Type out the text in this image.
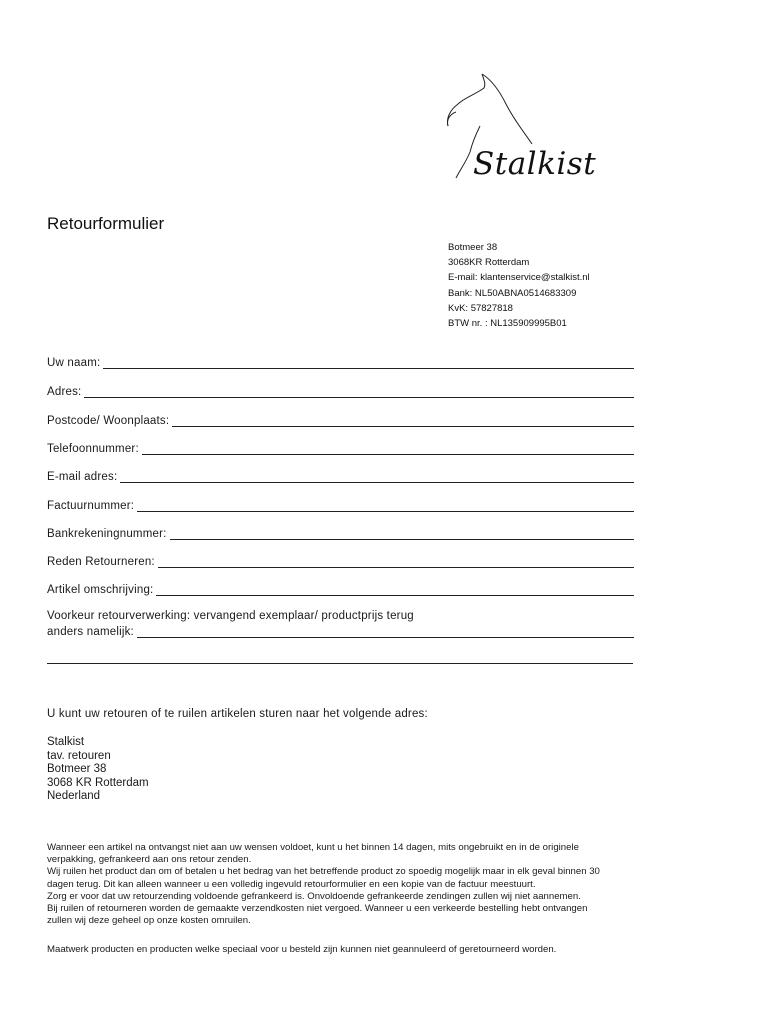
Stalkist
Retourformulier
Botmeer 38
3068KR Rotterdam
E-mail: klantenservice@stalkist.nl
Bank: NL50ABNA0514683309
KvK: 57827818
BTW nr. : NL135909995B01
Uw naam:
Adres:
Postcode/ Woonplaats:
Telefoonnummer:
E-mail adres:
Factuurnummer:
Bankrekeningnummer:
Reden Retourneren:
Artikel omschrijving:
Voorkeur retourverwerking: vervangend exemplaar/ productprijs terug
anders namelijk:
U kunt uw retouren of te ruilen artikelen sturen naar het volgende adres:
Stalkist
tav. retouren
Botmeer 38
3068 KR Rotterdam
Nederland
Wanneer een artikel na ontvangst niet aan uw wensen voldoet, kunt u het binnen 14 dagen, mits ongebruikt en in de originele
verpakking, gefrankeerd aan ons retour zenden.
Wij ruilen het product dan om of betalen u het bedrag van het betreffende product zo spoedig mogelijk maar in elk geval binnen 30
dagen terug. Dit kan alleen wanneer u een volledig ingevuld retourformulier en een kopie van de factuur meestuurt.
Zorg er voor dat uw retourzending voldoende gefrankeerd is. Onvoldoende gefrankeerde zendingen zullen wij niet aannemen.
Bij ruilen of retourneren worden de gemaakte verzendkosten niet vergoed. Wanneer u een verkeerde bestelling hebt ontvangen
zullen wij deze geheel op onze kosten omruilen.
Maatwerk producten en producten welke speciaal voor u besteld zijn kunnen niet geannuleerd of geretourneerd worden.
